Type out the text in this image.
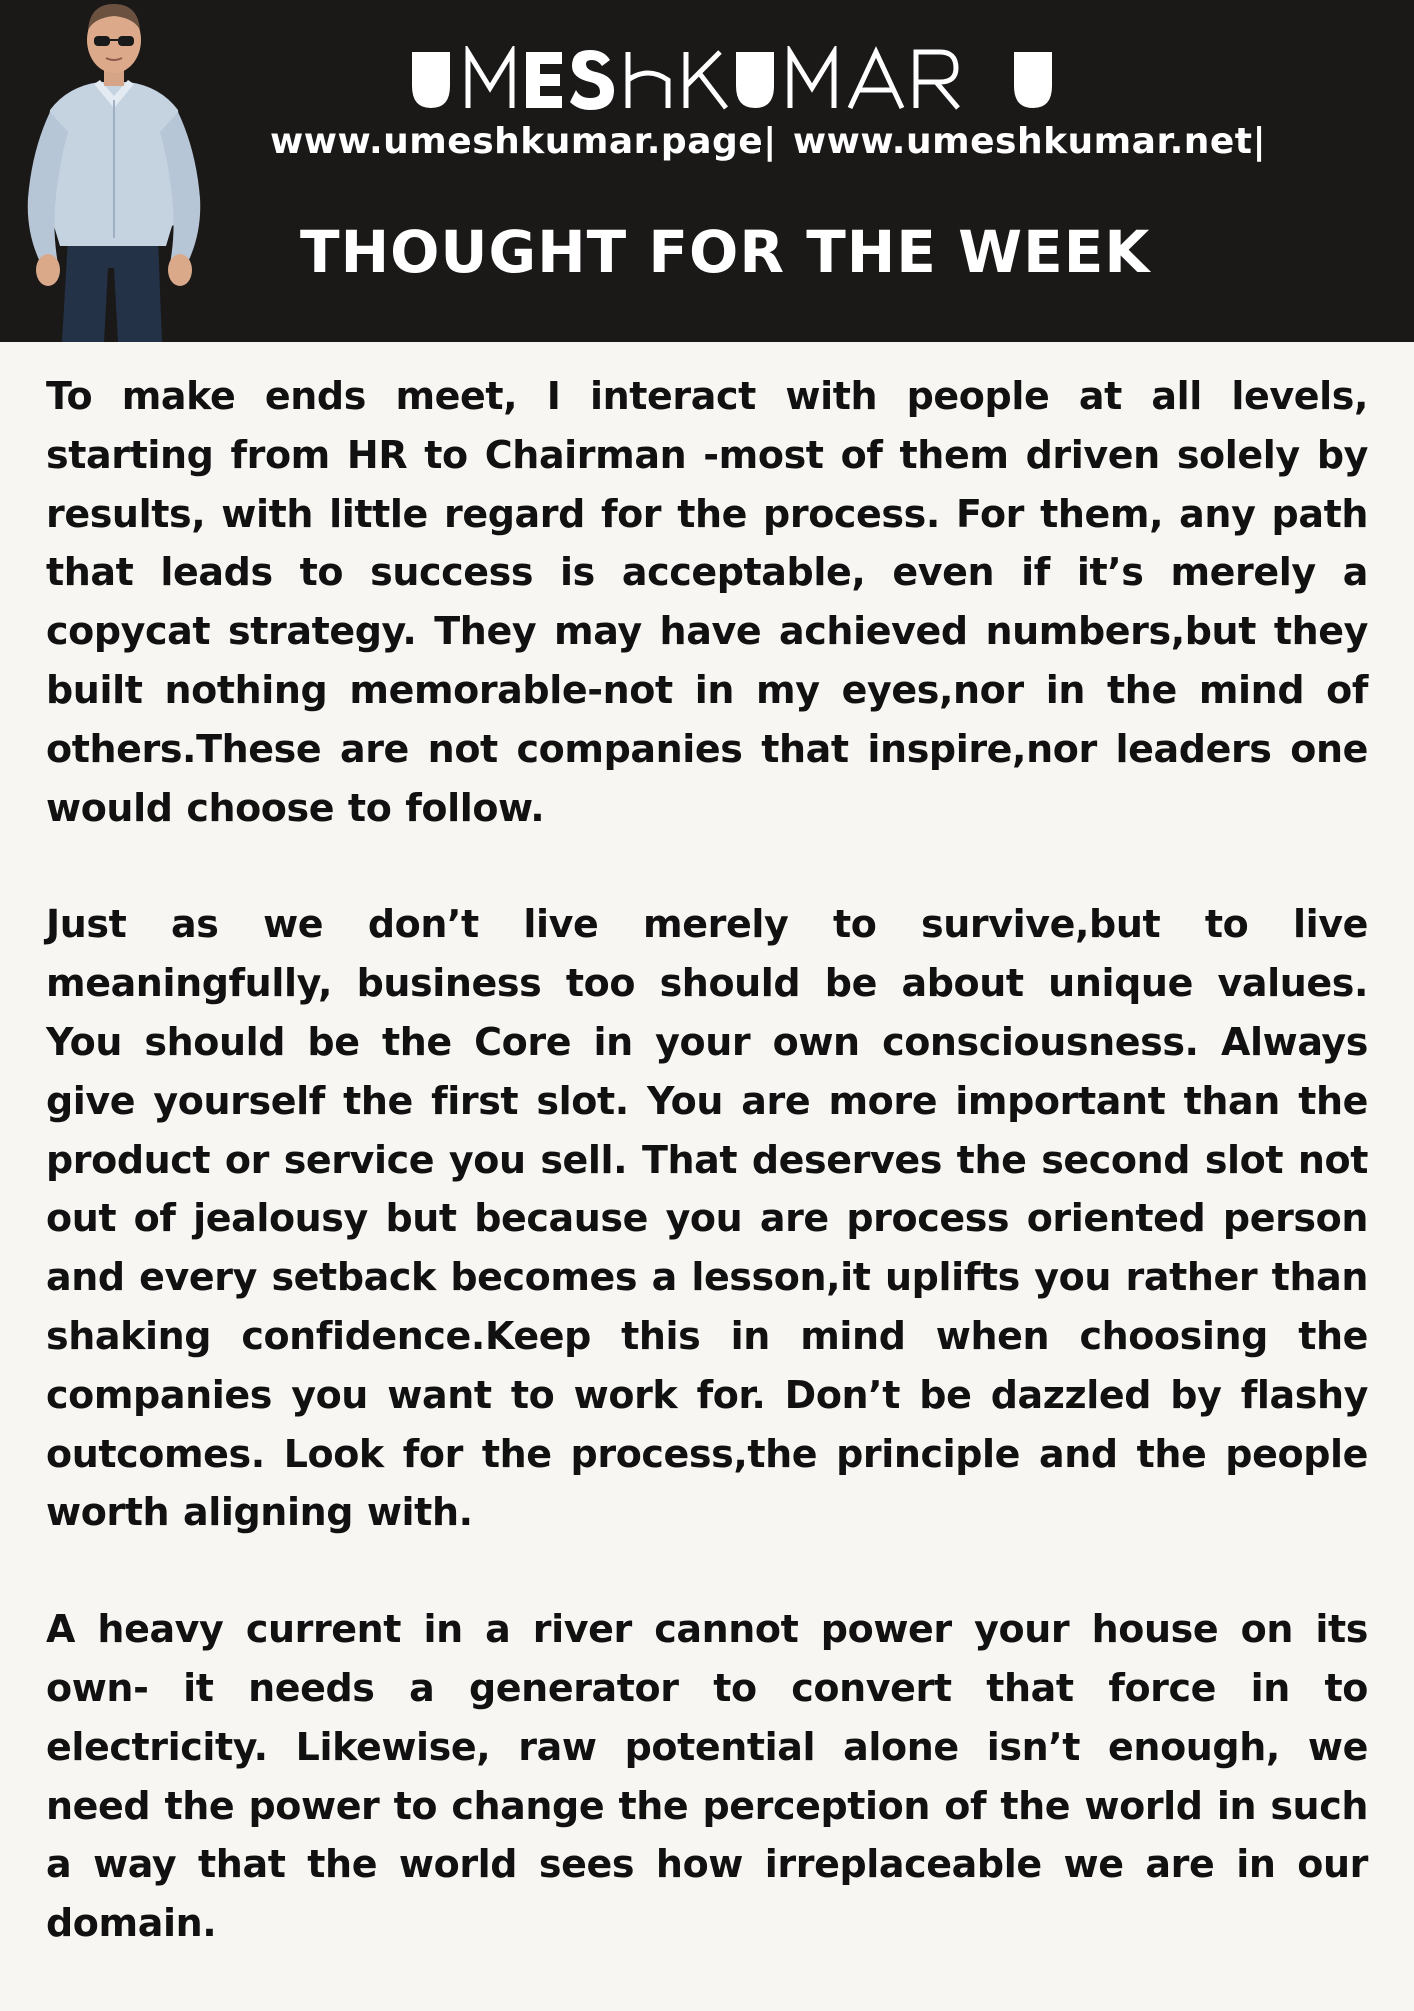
www.umeshkumar.page| www.umeshkumar.net|
THOUGHT FOR THE WEEK

To make ends meet, I interact with people at all levels, starting from HR to Chairman -most of them driven solely by results, with little regard for the process. For them, any path that leads to success is acceptable, even if it’s merely a copycat strategy. They may have achieved numbers,but they built nothing memorable-not in my eyes,nor in the mind of others.These are not companies that inspire,nor leaders one would choose to follow.

Just as we don’t live merely to survive,but to live meaningfully, business too should be about unique values. You should be the Core in your own consciousness. Always give yourself the first slot. You are more important than the product or service you sell. That deserves the second slot not out of jealousy but because you are process oriented person and every setback becomes a lesson,it uplifts you rather than shaking confidence.Keep this in mind when choosing the companies you want to work for. Don’t be dazzled by flashy outcomes. Look for the process,the principle and the people worth aligning with.

A heavy current in a river cannot power your house on its own- it needs a generator to convert that force in to electricity. Likewise, raw potential alone isn’t enough, we need the power to change the perception of the world in such a way that the world sees how irreplaceable we are in our domain.
